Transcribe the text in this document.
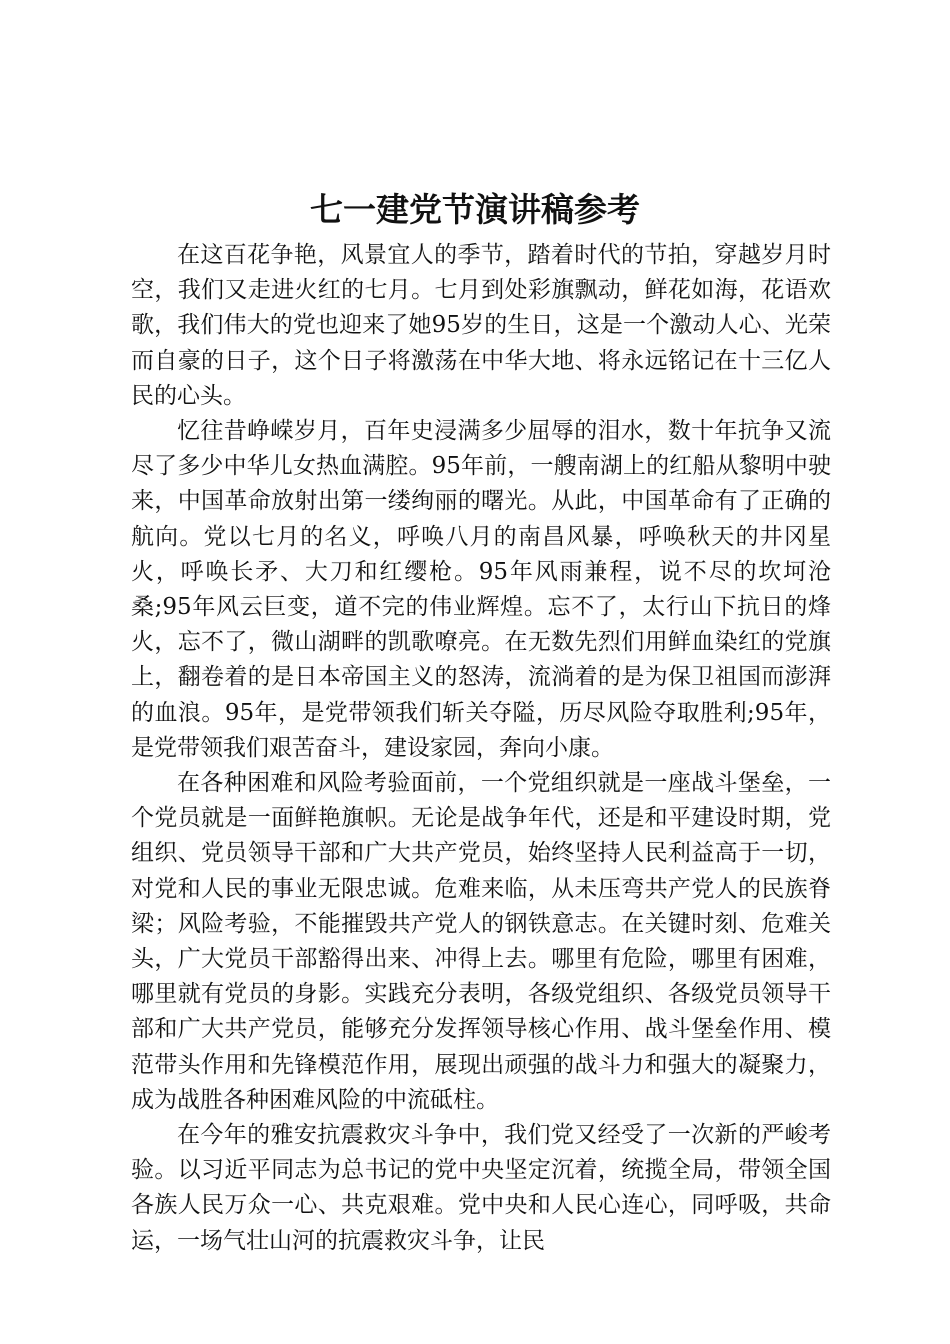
七一建党节演讲稿参考

在这百花争艳，风景宜人的季节，踏着时代的节拍，穿越岁月时空，我们又走进火红的七月。七月到处彩旗飘动，鲜花如海，花语欢歌，我们伟大的党也迎来了她95岁的生日，这是一个激动人心、光荣而自豪的日子，这个日子将激荡在中华大地、将永远铭记在十三亿人民的心头。

忆往昔峥嵘岁月，百年史浸满多少屈辱的泪水，数十年抗争又流尽了多少中华儿女热血满腔。95年前，一艘南湖上的红船从黎明中驶来，中国革命放射出第一缕绚丽的曙光。从此，中国革命有了正确的航向。党以七月的名义，呼唤八月的南昌风暴，呼唤秋天的井冈星火，呼唤长矛、大刀和红缨枪。95年风雨兼程，说不尽的坎坷沧桑;95年风云巨变，道不完的伟业辉煌。忘不了，太行山下抗日的烽火，忘不了，微山湖畔的凯歌嘹亮。在无数先烈们用鲜血染红的党旗上，翻卷着的是日本帝国主义的怒涛，流淌着的是为保卫祖国而澎湃的血浪。95年，是党带领我们斩关夺隘，历尽风险夺取胜利;95年，是党带领我们艰苦奋斗，建设家园，奔向小康。

在各种困难和风险考验面前，一个党组织就是一座战斗堡垒，一个党员就是一面鲜艳旗帜。无论是战争年代，还是和平建设时期，党组织、党员领导干部和广大共产党员，始终坚持人民利益高于一切，对党和人民的事业无限忠诚。危难来临，从未压弯共产党人的民族脊梁；风险考验，不能摧毁共产党人的钢铁意志。在关键时刻、危难关头，广大党员干部豁得出来、冲得上去。哪里有危险，哪里有困难，哪里就有党员的身影。实践充分表明，各级党组织、各级党员领导干部和广大共产党员，能够充分发挥领导核心作用、战斗堡垒作用、模范带头作用和先锋模范作用，展现出顽强的战斗力和强大的凝聚力，成为战胜各种困难风险的中流砥柱。

在今年的雅安抗震救灾斗争中，我们党又经受了一次新的严峻考验。以习近平同志为总书记的党中央坚定沉着，统揽全局，带领全国各族人民万众一心、共克艰难。党中央和人民心连心，同呼吸，共命运，一场气壮山河的抗震救灾斗争，让民
